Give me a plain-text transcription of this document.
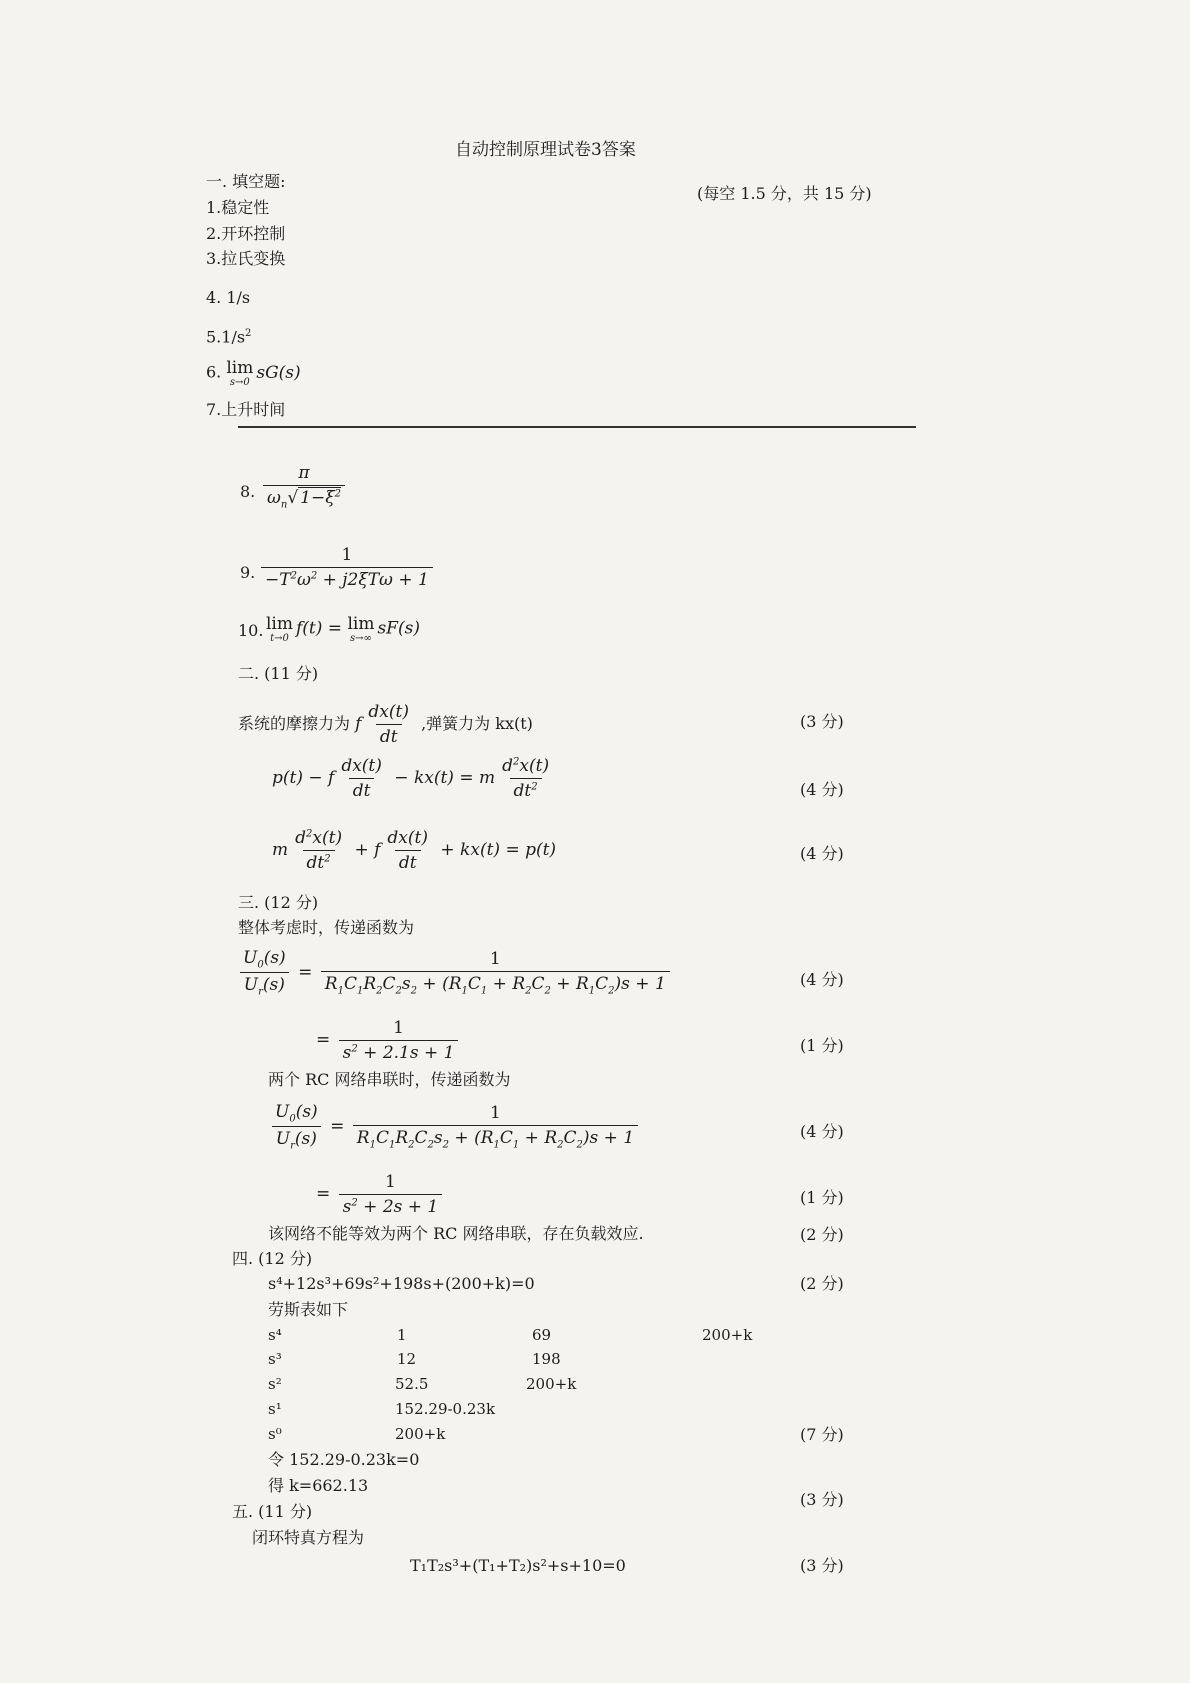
自动控制原理试卷3答案
一. 填空题:
(每空 1.5 分，共 15 分)
1.稳定性
2.开环控制
3.拉氏变换
4. 1/s
$5.1/s^2$
6. lim
s→0 sG(s)
7.上升时间
8. $\frac{\pi}{\omega_n√ 1-\xi^2}$
9. $\frac{1}{-T^2\omega^2 + j2\xi T\omega + 1}$
10. lim
t→0 f(t) = lim
s→∞ sF(s)
二. (11 分)
系统的摩擦力为 f $\frac{dx(t)}{dt}$ ,弹簧力为 kx(t)	(3 分)
p(t) − f $\frac{dx(t)}{dt} - kx(t) = m \frac{d^2x(t)}{dt^2}$	(4 分)
m $\frac{d^2x(t)}{dt^2} + f \frac{dx(t)}{dt} + kx(t) = p(t)$	(4 分)
三. (12 分)
整体考虑时，传递函数为
$\frac{U_0(s)}{U_r(s)} = \frac{1}{R_1C_1R_2C_2s_2 + (R_1C_1 + R_2C_2 + R_1C_2)s + 1}$	(4 分)
= $\frac{1}{s^2 + 2.1s + 1}$	(1 分)
两个 RC 网络串联时，传递函数为
$\frac{U_0(s)}{U_r(s)} = \frac{1}{R_1C_1R_2C_2s_2 + (R_1C_1 + R_2C_2)s + 1}$	(4 分)
= $\frac{1}{s^2 + 2s + 1}$	(1 分)
该网络不能等效为两个 RC 网络串联，存在负载效应.	(2 分)
四. (12 分)
s⁴+12s³+69s²+198s+(200+k)=0	(2 分)
劳斯表如下
s⁴	1	69	200+k
s³	12	198
s²	52.5	200+k
s¹	152.29-0.23k
s⁰	200+k	(7 分)
令 152.29-0.23k=0
得 k=662.13
(3 分)
五. (11 分)
闭环特真方程为
T₁T₂s³+(T₁+T₂)s²+s+10=0	(3 分)
